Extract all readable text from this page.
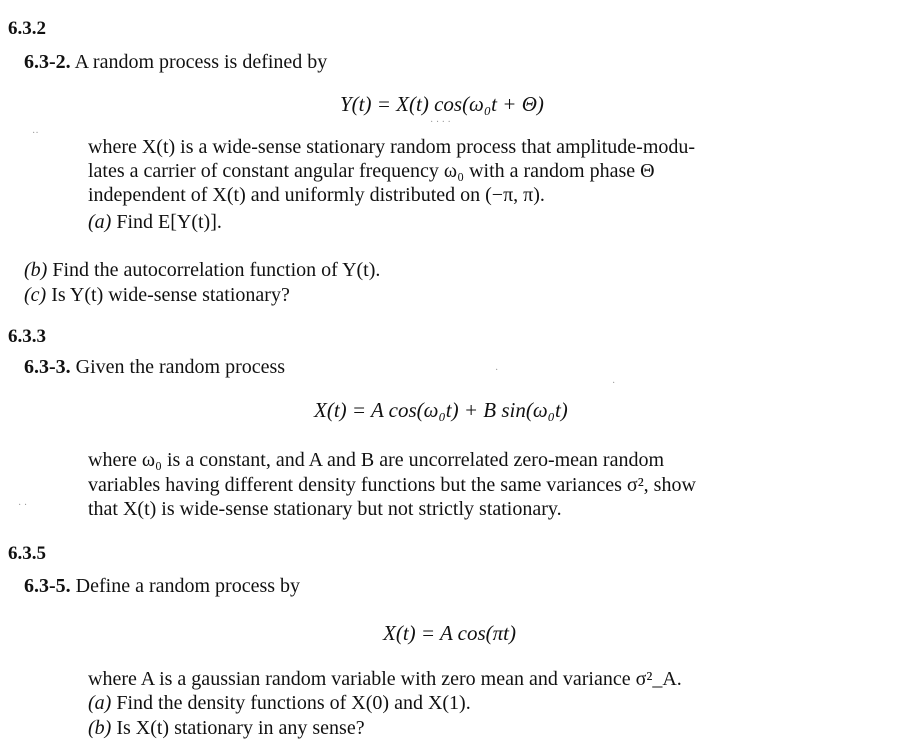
6.3.2
6.3-2. A random process is defined by
Y(t) = X(t) cos(ω₀t + Θ)
where X(t) is a wide-sense stationary random process that amplitude-modu-
lates a carrier of constant angular frequency ω₀ with a random phase Θ
independent of X(t) and uniformly distributed on (−π, π).
(a) Find E[Y(t)].
(b) Find the autocorrelation function of Y(t).
(c) Is Y(t) wide-sense stationary?
6.3.3
6.3-3. Given the random process
X(t) = A cos(ω₀t) + B sin(ω₀t)
where ω₀ is a constant, and A and B are uncorrelated zero-mean random
variables having different density functions but the same variances σ², show
that X(t) is wide-sense stationary but not strictly stationary.
6.3.5
6.3-5. Define a random process by
X(t) = A cos(πt)
where A is a gaussian random variable with zero mean and variance σ²_A.
(a) Find the density functions of X(0) and X(1).
(b) Is X(t) stationary in any sense?
··
· · · ·
·
·
· ·
